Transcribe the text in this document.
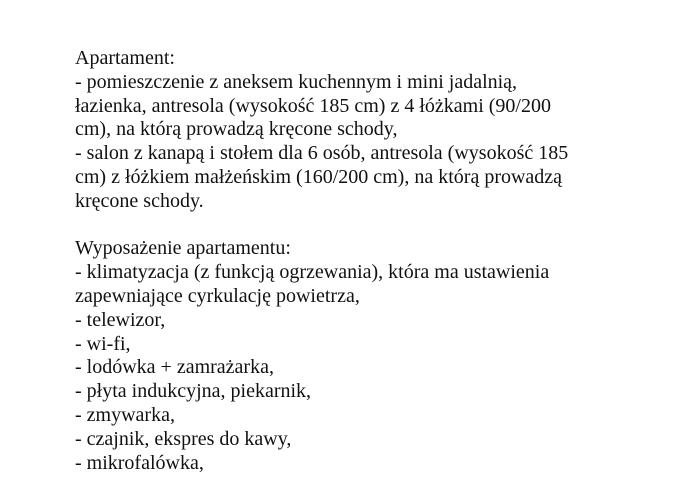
Apartament:
- pomieszczenie z aneksem kuchennym i mini jadalnią,
łazienka, antresola (wysokość 185 cm) z 4 łóżkami (90/200
cm), na którą prowadzą kręcone schody,
- salon z kanapą i stołem dla 6 osób, antresola (wysokość 185
cm) z łóżkiem małżeńskim (160/200 cm), na którą prowadzą
kręcone schody.
Wyposażenie apartamentu:
- klimatyzacja (z funkcją ogrzewania), która ma ustawienia
zapewniające cyrkulację powietrza,
- telewizor,
- wi-fi,
- lodówka + zamrażarka,
- płyta indukcyjna, piekarnik,
- zmywarka,
- czajnik, ekspres do kawy,
- mikrofalówka,
